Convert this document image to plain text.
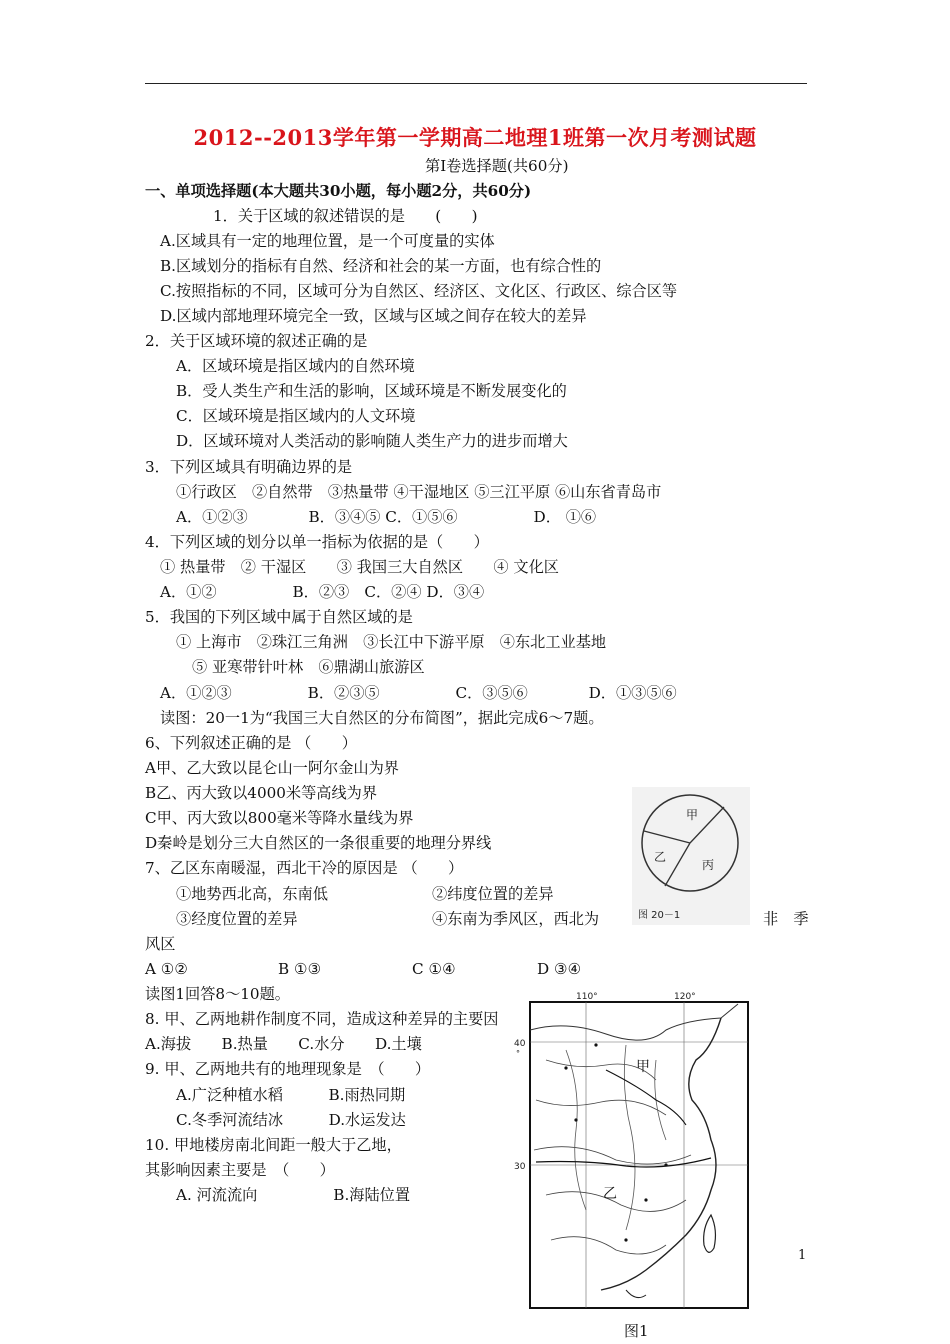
2012--2013学年第一学期高二地理1班第一次月考测试题
第Ⅰ卷选择题(共60分)
一、单项选择题(本大题共30小题，每小题2分，共60分)
1．关于区域的叙述错误的是　　(　　)
A.区域具有一定的地理位置，是一个可度量的实体
B.区域划分的指标有自然、经济和社会的某一方面，也有综合性的
C.按照指标的不同，区域可分为自然区、经济区、文化区、行政区、综合区等
D.区域内部地理环境完全一致，区域与区域之间存在较大的差异
2．关于区域环境的叙述正确的是
A．区域环境是指区域内的自然环境
B．受人类生产和生活的影响，区域环境是不断发展变化的
C．区域环境是指区域内的人文环境
D．区域环境对人类活动的影响随人类生产力的进步而增大
3．下列区域具有明确边界的是
①行政区　②自然带　③热量带 ④干湿地区 ⑤三江平原 ⑥山东省青岛市
A．①②③　　　　B．③④⑤ C．①⑤⑥　　　　　D． ①⑥
4．下列区域的划分以单一指标为依据的是（　　）
① 热量带　② 干湿区　　③ 我国三大自然区　　④ 文化区
A．①②　　　　　B．②③　C．②④ D．③④
5．我国的下列区域中属于自然区域的是
① 上海市　②珠江三角洲　③长江中下游平原　④东北工业基地
⑤ 亚寒带针叶林　⑥鼎湖山旅游区
A．①②③　　　　　B．②③⑤　　　　　C．③⑤⑥　　　　D．①③⑤⑥
读图：20一1为“我国三大自然区的分布简图”，据此完成6～7题。
6、下列叙述正确的是 （　　）
A甲、乙大致以昆仑山一阿尔金山为界
B乙、丙大致以4000米等高线为界
C甲、丙大致以800毫米等降水量线为界
D秦岭是划分三大自然区的一条很重要的地理分界线
7、乙区东南暖湿，西北干冷的原因是 （　　）
①地势西北高，东南低	②纬度位置的差异
③经度位置的差异	④东南为季风区，西北为	非　季
风区
A ①②	B ①③	C ①④	D ③④
读图1回答8～10题。
8. 甲、乙两地耕作制度不同，造成这种差异的主要因
A.海拔　　B.热量　　C.水分　　D.土壤
9. 甲、乙两地共有的地理现象是　（　　）
A.广泛种植水稻　　　B.雨热同期
C.冬季河流结冰　　　D.水运发达
10. 甲地楼房南北间距一般大于乙地，
其影响因素主要是　（　　）
A. 河流流向　　　　　B.海陆位置
甲
乙
丙
图 20－1
110°	120°
40
°
30
甲
乙
1
图1
